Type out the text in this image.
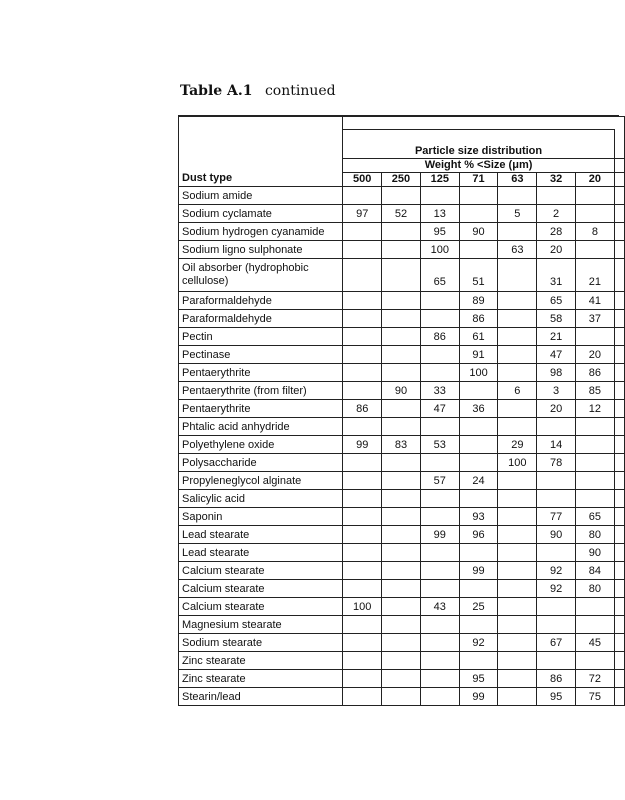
Table A.1 continued
Dust type								
	Particle size distribution							
	Weight % <Size (μm)							
	500	250	125	71	63	32	20	
Sodium amide								
Sodium cyclamate	97	52	13		5	2		
Sodium hydrogen cyanamide			95	90		28	8	
Sodium ligno sulphonate			100		63	20		
Oil absorber (hydrophobic cellulose)			65	51		31	21	
Paraformaldehyde				89		65	41	
Paraformaldehyde				86		58	37	
Pectin			86	61		21		
Pectinase				91		47	20	
Pentaerythrite				100		98	86	
Pentaerythrite (from filter)		90	33		6	3	85	
Pentaerythrite	86		47	36		20	12	
Phtalic acid anhydride								
Polyethylene oxide	99	83	53		29	14		
Polysaccharide					100	78		
Propyleneglycol alginate			57	24				
Salicylic acid								
Saponin				93		77	65	
Lead stearate			99	96		90	80	
Lead stearate							90	
Calcium stearate				99		92	84	
Calcium stearate						92	80	
Calcium stearate	100		43	25				
Magnesium stearate								
Sodium stearate				92		67	45	
Zinc stearate								
Zinc stearate				95		86	72	
Stearin/lead				99		95	75	
